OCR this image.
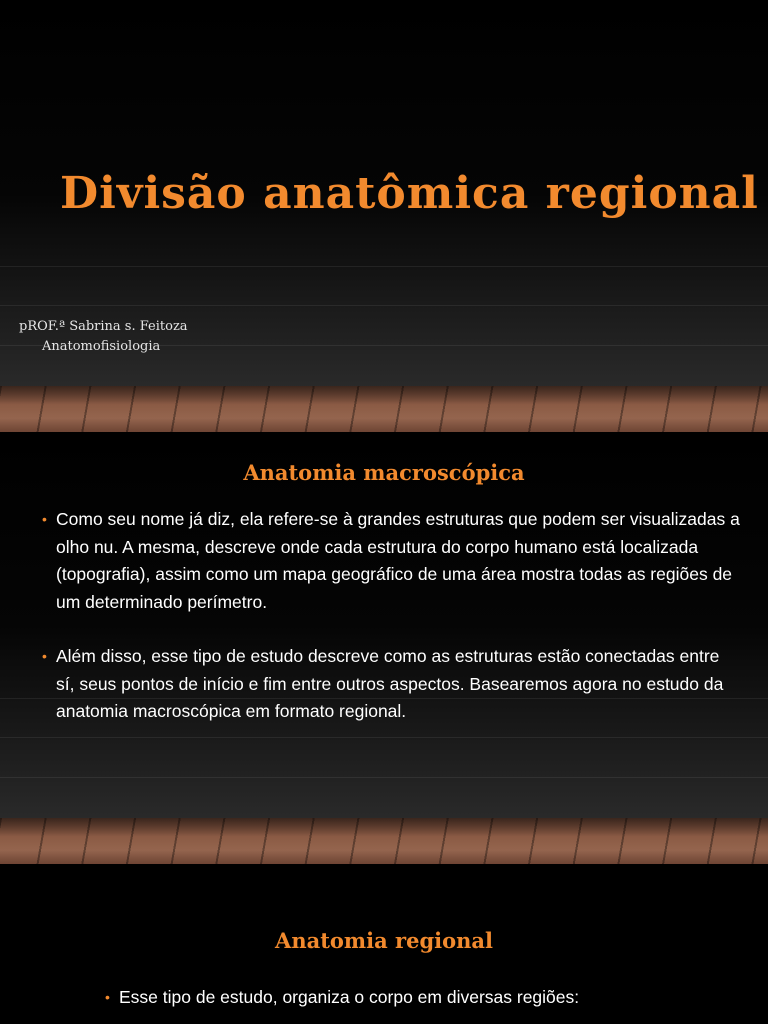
Divisão anatômica regional
pROF.ª Sabrina s. Feitoza
Anatomofisiologia
Anatomia macroscópica
• Como seu nome já diz, ela refere-se à grandes estruturas que podem ser visualizadas a olho nu. A mesma, descreve onde cada estrutura do corpo humano está localizada (topografia), assim como um mapa geográfico de uma área mostra todas as regiões de um determinado perímetro.
• Além disso, esse tipo de estudo descreve como as estruturas estão conectadas entre sí, seus pontos de início e fim entre outros aspectos. Basearemos agora no estudo da anatomia macroscópica em formato regional.
Anatomia regional
• Esse tipo de estudo, organiza o corpo em diversas regiões:
